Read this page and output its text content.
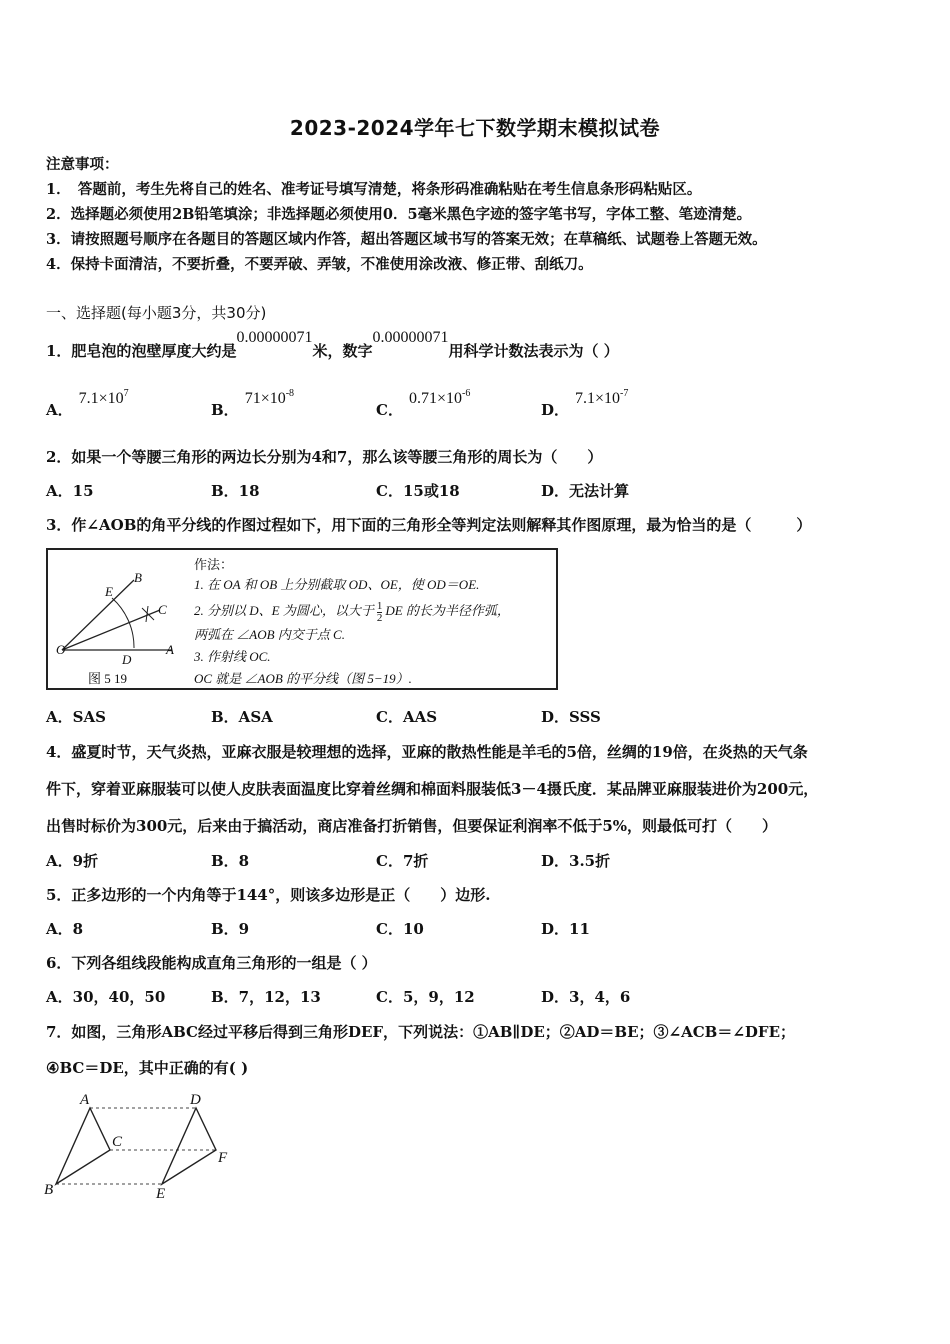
2023-2024学年七下数学期末模拟试卷
注意事项：
1．　答题前，考生先将自己的姓名、准考证号填写清楚，将条形码准确粘贴在考生信息条形码粘贴区。
2．选择题必须使用2B铅笔填涂；非选择题必须使用0．5毫米黑色字迹的签字笔书写，字体工整、笔迹清楚。
3．请按照题号顺序在各题目的答题区域内作答，超出答题区域书写的答案无效；在草稿纸、试题卷上答题无效。
4．保持卡面清洁，不要折叠，不要弄破、弄皱，不准使用涂改液、修正带、刮纸刀。
一、选择题(每小题3分，共30分)
1．肥皂泡的泡壁厚度大约是0.00000071米，数字0.00000071用科学计数法表示为（ ）
A．$7.1\times 10^7$
B．$71\times 10^{-8}$
C．$0.71\times 10^{-6}$
D．$7.1\times 10^{-7}$
2．如果一个等腰三角形的两边长分别为4和7，那么该等腰三角形的周长为（　　）
A．15	B．18	C．15或18	D．无法计算
3．作∠AOB的角平分线的作图过程如下，用下面的三角形全等判定法则解释其作图原理，最为恰当的是（　　　）
O	A
B
C
D
E
图 5 19
作法：
1. 在 OA 和 OB 上分别截取 OD、OE，使 OD＝OE.
2. 分别以 D、E 为圆心，以大于 $\frac{1}{2}$ DE 的长为半径作弧，
两弧在 ∠AOB 内交于点 C.
3. 作射线 OC.
OC 就是 ∠AOB 的平分线（图 5−19）.
A．SAS	B．ASA	C．AAS	D．SSS
4．盛夏时节，天气炎热，亚麻衣服是较理想的选择，亚麻的散热性能是羊毛的5倍，丝绸的19倍，在炎热的天气条
件下，穿着亚麻服装可以使人皮肤表面温度比穿着丝绸和棉面料服装低3－4摄氏度．某品牌亚麻服装进价为200元，
出售时标价为300元，后来由于搞活动，商店准备打折销售，但要保证利润率不低于5%，则最低可打（　　）
A．9折	B．8	C．7折	D．3.5折
5．正多边形的一个内角等于144°，则该多边形是正（　　）边形.
A．8	B．9	C．10	D．11
6．下列各组线段能构成直角三角形的一组是（ ）
A．30，40，50	B．7，12，13	C．5，9，12	D．3，4，6
7．如图，三角形ABC经过平移后得到三角形DEF，下列说法：①AB∥DE；②AD＝BE；③∠ACB＝∠DFE；
④BC＝DE，其中正确的有( )
A
B
C
D
E
F
